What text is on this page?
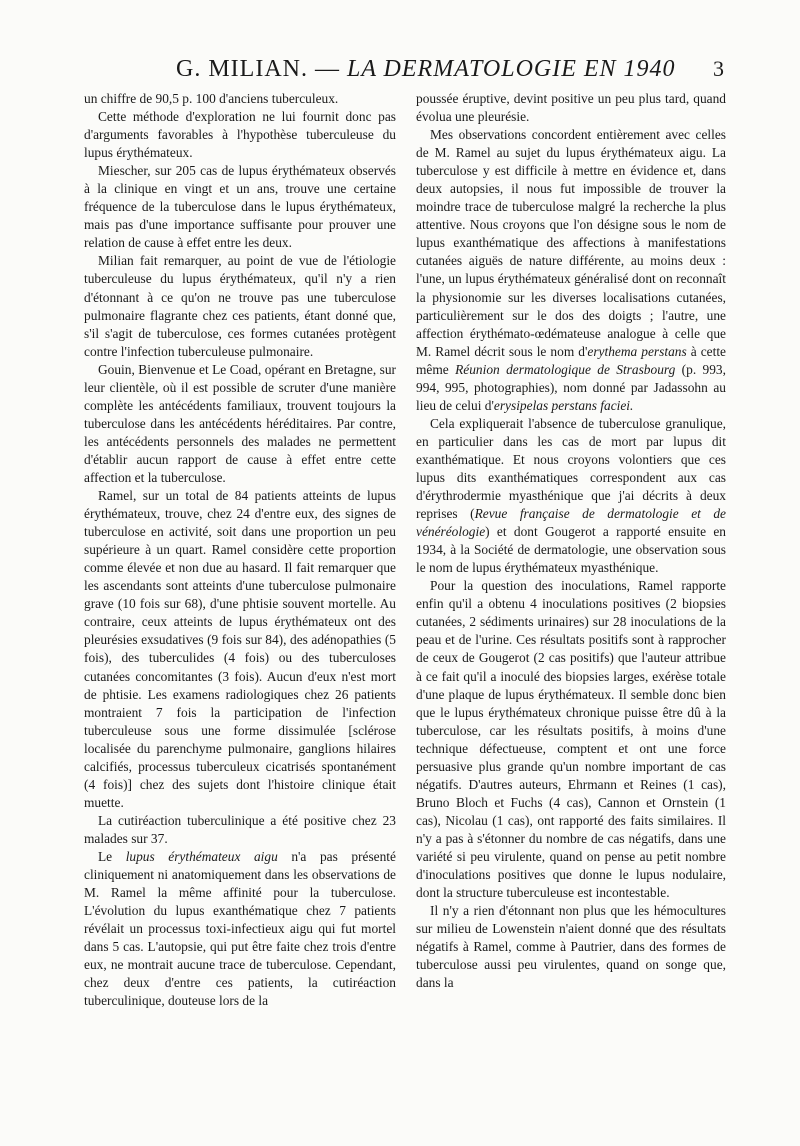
G. MILIAN. — LA DERMATOLOGIE EN 1940 3

un chiffre de 90,5 p. 100 d'anciens tuberculeux.

Cette méthode d'exploration ne lui fournit donc pas d'arguments favorables à l'hypothèse tuberculeuse du lupus érythémateux.

Miescher, sur 205 cas de lupus érythémateux observés à la clinique en vingt et un ans, trouve une certaine fréquence de la tuberculose dans le lupus érythémateux, mais pas d'une importance suffisante pour prouver une relation de cause à effet entre les deux.

Milian fait remarquer, au point de vue de l'étiologie tuberculeuse du lupus érythémateux, qu'il n'y a rien d'étonnant à ce qu'on ne trouve pas une tuberculose pulmonaire flagrante chez ces patients, étant donné que, s'il s'agit de tuberculose, ces formes cutanées protègent contre l'infection tuberculeuse pulmonaire.

Gouin, Bienvenue et Le Coad, opérant en Bretagne, sur leur clientèle, où il est possible de scruter d'une manière complète les antécédents familiaux, trouvent toujours la tuberculose dans les antécédents héréditaires. Par contre, les antécédents personnels des malades ne permettent d'établir aucun rapport de cause à effet entre cette affection et la tuberculose.

Ramel, sur un total de 84 patients atteints de lupus érythémateux, trouve, chez 24 d'entre eux, des signes de tuberculose en activité, soit dans une proportion un peu supérieure à un quart. Ramel considère cette proportion comme élevée et non due au hasard. Il fait remarquer que les ascendants sont atteints d'une tuberculose pulmonaire grave (10 fois sur 68), d'une phtisie souvent mortelle. Au contraire, ceux atteints de lupus érythémateux ont des pleurésies exsudatives (9 fois sur 84), des adénopathies (5 fois), des tuberculides (4 fois) ou des tuberculoses cutanées concomitantes (3 fois). Aucun d'eux n'est mort de phtisie. Les examens radiologiques chez 26 patients montraient 7 fois la participation de l'infection tuberculeuse sous une forme dissimulée [sclérose localisée du parenchyme pulmonaire, ganglions hilaires calcifiés, processus tuberculeux cicatrisés spontanément (4 fois)] chez des sujets dont l'histoire clinique était muette.

La cutiréaction tuberculinique a été positive chez 23 malades sur 37.

Le lupus érythémateux aigu n'a pas présenté cliniquement ni anatomiquement dans les observations de M. Ramel la même affinité pour la tuberculose. L'évolution du lupus exanthématique chez 7 patients révélait un processus toxi-infectieux aigu qui fut mortel dans 5 cas. L'autopsie, qui put être faite chez trois d'entre eux, ne montrait aucune trace de tuberculose. Cependant, chez deux d'entre ces patients, la cutiréaction tuberculinique, douteuse lors de la

poussée éruptive, devint positive un peu plus tard, quand évolua une pleurésie.

Mes observations concordent entièrement avec celles de M. Ramel au sujet du lupus érythémateux aigu. La tuberculose y est difficile à mettre en évidence et, dans deux autopsies, il nous fut impossible de trouver la moindre trace de tuberculose malgré la recherche la plus attentive. Nous croyons que l'on désigne sous le nom de lupus exanthématique des affections à manifestations cutanées aiguës de nature différente, au moins deux : l'une, un lupus érythémateux généralisé dont on reconnaît la physionomie sur les diverses localisations cutanées, particulièrement sur le dos des doigts ; l'autre, une affection érythémato-œdémateuse analogue à celle que M. Ramel décrit sous le nom d'erythema perstans à cette même Réunion dermatologique de Strasbourg (p. 993, 994, 995, photographies), nom donné par Jadassohn au lieu de celui d'erysipelas perstans faciei.

Cela expliquerait l'absence de tuberculose granulique, en particulier dans les cas de mort par lupus dit exanthématique. Et nous croyons volontiers que ces lupus dits exanthématiques correspondent aux cas d'érythrodermie myasthénique que j'ai décrits à deux reprises (Revue française de dermatologie et de vénéréologie) et dont Gougerot a rapporté ensuite en 1934, à la Société de dermatologie, une observation sous le nom de lupus érythémateux myasthénique.

Pour la question des inoculations, Ramel rapporte enfin qu'il a obtenu 4 inoculations positives (2 biopsies cutanées, 2 sédiments urinaires) sur 28 inoculations de la peau et de l'urine. Ces résultats positifs sont à rapprocher de ceux de Gougerot (2 cas positifs) que l'auteur attribue à ce fait qu'il a inoculé des biopsies larges, exérèse totale d'une plaque de lupus érythémateux. Il semble donc bien que le lupus érythémateux chronique puisse être dû à la tuberculose, car les résultats positifs, à moins d'une technique défectueuse, comptent et ont une force persuasive plus grande qu'un nombre important de cas négatifs. D'autres auteurs, Ehrmann et Reines (1 cas), Bruno Bloch et Fuchs (4 cas), Cannon et Ornstein (1 cas), Nicolau (1 cas), ont rapporté des faits similaires. Il n'y a pas à s'étonner du nombre de cas négatifs, dans une variété si peu virulente, quand on pense au petit nombre d'inoculations positives que donne le lupus nodulaire, dont la structure tuberculeuse est incontestable.

Il n'y a rien d'étonnant non plus que les hémocultures sur milieu de Lowenstein n'aient donné que des résultats négatifs à Ramel, comme à Pautrier, dans des formes de tuberculose aussi peu virulentes, quand on songe que, dans la
